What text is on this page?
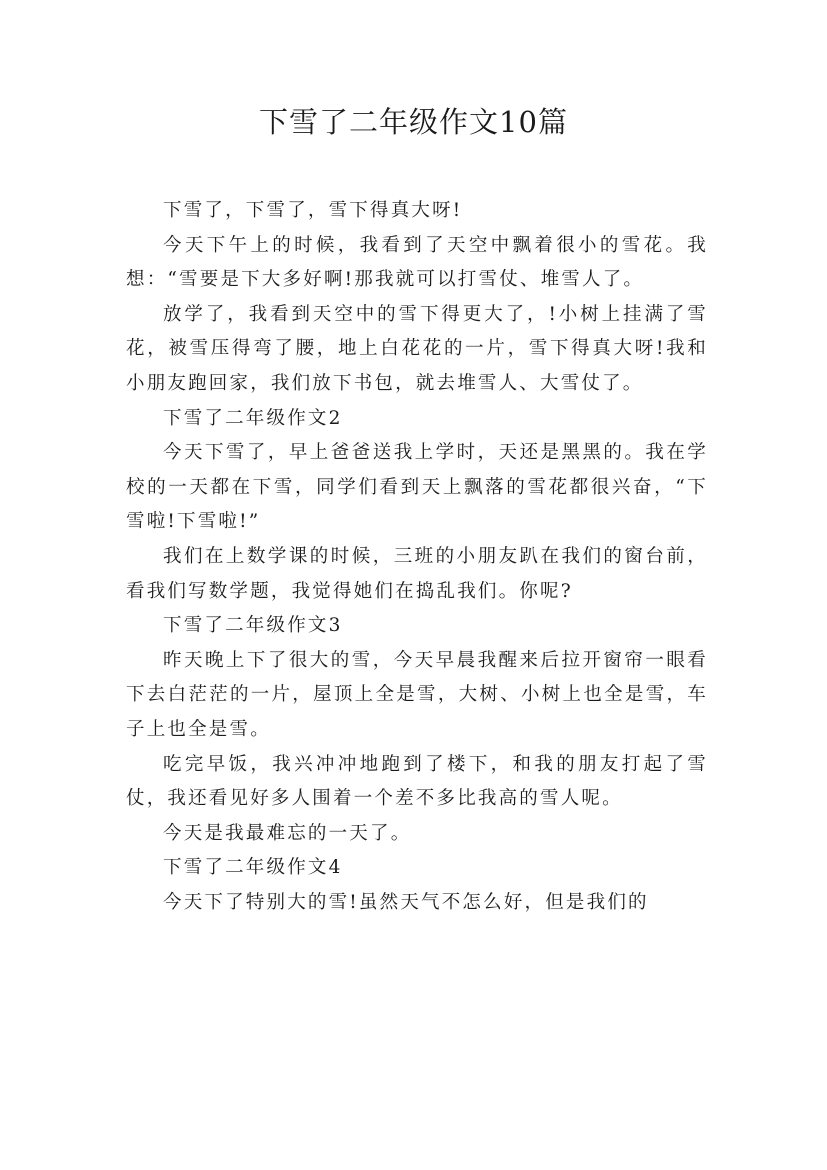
下雪了二年级作文10篇

下雪了，下雪了，雪下得真大呀!

今天下午上的时候，我看到了天空中飘着很小的雪花。我想：“雪要是下大多好啊!那我就可以打雪仗、堆雪人了。

放学了，我看到天空中的雪下得更大了，!小树上挂满了雪花，被雪压得弯了腰，地上白花花的一片，雪下得真大呀!我和小朋友跑回家，我们放下书包，就去堆雪人、大雪仗了。

下雪了二年级作文2

今天下雪了，早上爸爸送我上学时，天还是黑黑的。我在学校的一天都在下雪，同学们看到天上飘落的雪花都很兴奋，“下雪啦!下雪啦!”

我们在上数学课的时候，三班的小朋友趴在我们的窗台前，看我们写数学题，我觉得她们在捣乱我们。你呢?

下雪了二年级作文3

昨天晚上下了很大的雪，今天早晨我醒来后拉开窗帘一眼看下去白茫茫的一片，屋顶上全是雪，大树、小树上也全是雪，车子上也全是雪。

吃完早饭，我兴冲冲地跑到了楼下，和我的朋友打起了雪仗，我还看见好多人围着一个差不多比我高的雪人呢。

今天是我最难忘的一天了。

下雪了二年级作文4

今天下了特别大的雪!虽然天气不怎么好，但是我们的
